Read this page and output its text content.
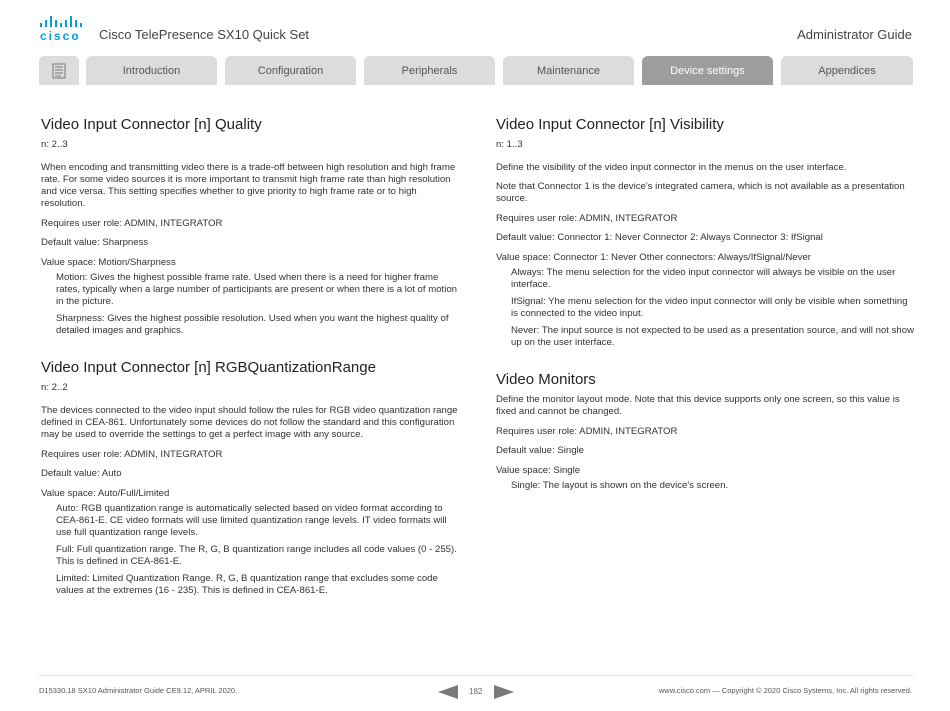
cisco	Cisco TelePresence SX10 Quick Set	Administrator Guide
Introduction	Configuration	Peripherals	Maintenance	Device settings	Appendices
Video Input Connector [n] Quality

n: 2..3

When encoding and transmitting video there is a trade-off between high resolution and high frame rate. For some video sources it is more important to transmit high frame rate than high resolution and vice versa. This setting specifies whether to give priority to high frame rate or to high resolution.

Requires user role: ADMIN, INTEGRATOR

Default value: Sharpness

Value space: Motion/Sharpness

Motion: Gives the highest possible frame rate. Used when there is a need for higher frame rates, typically when a large number of participants are present or when there is a lot of motion in the picture.

Sharpness: Gives the highest possible resolution. Used when you want the highest quality of detailed images and graphics.

Video Input Connector [n] RGBQuantizationRange

n: 2..2

The devices connected to the video input should follow the rules for RGB video quantization range defined in CEA-861. Unfortunately some devices do not follow the standard and this configuration may be used to override the settings to get a perfect image with any source.

Requires user role: ADMIN, INTEGRATOR

Default value: Auto

Value space: Auto/Full/Limited

Auto: RGB quantization range is automatically selected based on video format according to CEA-861-E. CE video formats will use limited quantization range levels. IT video formats will use full quantization range levels.

Full: Full quantization range. The R, G, B quantization range includes all code values (0 - 255). This is defined in CEA-861-E.

Limited: Limited Quantization Range. R, G, B quantization range that excludes some code values at the extremes (16 - 235). This is defined in CEA-861-E.

Video Input Connector [n] Visibility

n: 1..3

Define the visibility of the video input connector in the menus on the user interface.

Note that Connector 1 is the device's integrated camera, which is not available as a presentation source.

Requires user role: ADMIN, INTEGRATOR

Default value: Connector 1: Never Connector 2: Always Connector 3: IfSignal

Value space: Connector 1: Never Other connectors: Always/IfSignal/Never

Always: The menu selection for the video input connector will always be visible on the user interface.

IfSignal: Yhe menu selection for the video input connector will only be visible when something is connected to the video input.

Never: The input source is not expected to be used as a presentation source, and will not show up on the user interface.

Video Monitors

Define the monitor layout mode. Note that this device supports only one screen, so this value is fixed and cannot be changed.

Requires user role: ADMIN, INTEGRATOR

Default value: Single

Value space: Single

Single: The layout is shown on the device's screen.

D15330.18 SX10 Administrator Guide CE9.12, APRIL 2020.	182	www.cisco.com — Copyright © 2020 Cisco Systems, Inc. All rights reserved.
